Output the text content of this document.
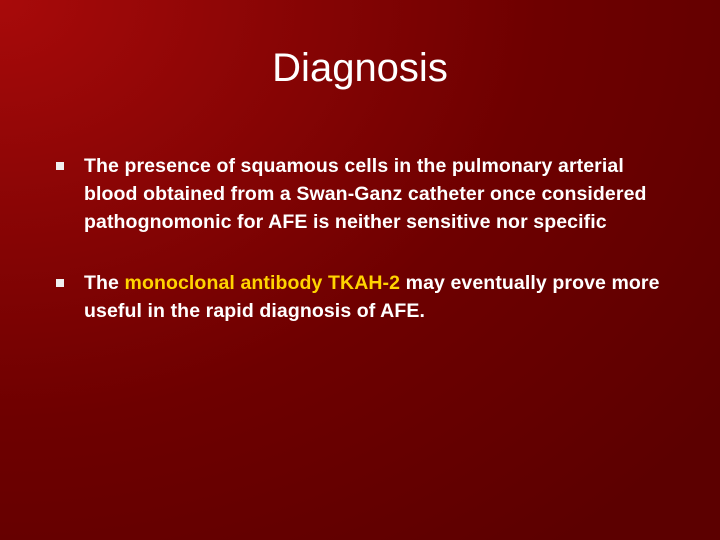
Diagnosis
The presence of squamous cells in the pulmonary arterial blood obtained from a Swan-Ganz catheter once considered pathognomonic for AFE is neither sensitive nor specific
The monoclonal antibody TKAH-2 may eventually prove more useful in the rapid diagnosis of AFE.
